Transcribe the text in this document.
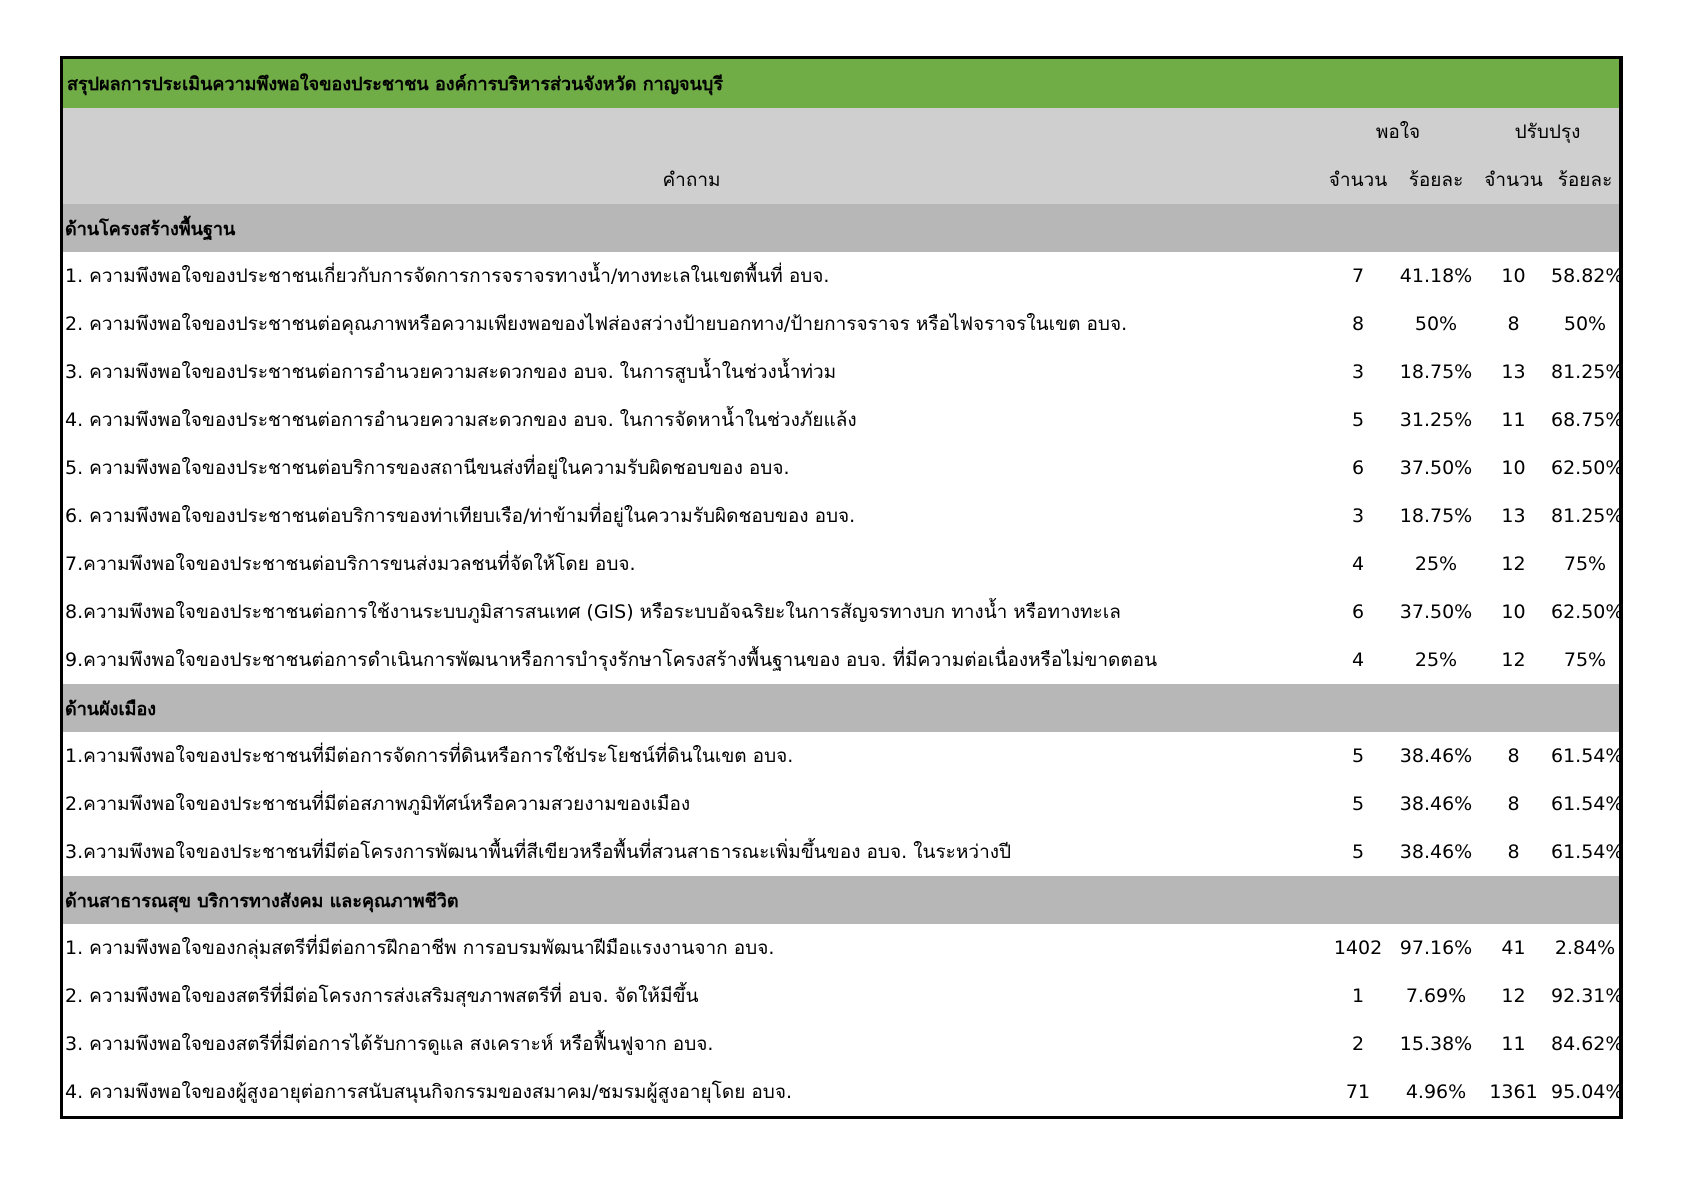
สรุปผลการประเมินความพึงพอใจของประชาชน องค์การบริหารส่วนจังหวัด กาญจนบุรี
พอใจ	ปรับปรุง
คำถาม	จำนวน	ร้อยละ	จำนวน ร้อยละ
ด้านโครงสร้างพื้นฐาน
1. ความพึงพอใจของประชาชนเกี่ยวกับการจัดการการจราจรทางน้ำ/ทางทะเลในเขตพื้นที่ อบจ.	7	41.18%	10	58.82%
2. ความพึงพอใจของประชาชนต่อคุณภาพหรือความเพียงพอของไฟส่องสว่างป้ายบอกทาง/ป้ายการจราจร หรือไฟจราจรในเขต อบจ.	8	50%	8	50%
3. ความพึงพอใจของประชาชนต่อการอำนวยความสะดวกของ อบจ. ในการสูบน้ำในช่วงน้ำท่วม	3	18.75%	13	81.25%
4. ความพึงพอใจของประชาชนต่อการอำนวยความสะดวกของ อบจ. ในการจัดหาน้ำในช่วงภัยแล้ง	5	31.25%	11	68.75%
5. ความพึงพอใจของประชาชนต่อบริการของสถานีขนส่งที่อยู่ในความรับผิดชอบของ อบจ.	6	37.50%	10	62.50%
6. ความพึงพอใจของประชาชนต่อบริการของท่าเทียบเรือ/ท่าข้ามที่อยู่ในความรับผิดชอบของ อบจ.	3	18.75%	13	81.25%
7.ความพึงพอใจของประชาชนต่อบริการขนส่งมวลชนที่จัดให้โดย อบจ.	4	25%	12	75%
8.ความพึงพอใจของประชาชนต่อการใช้งานระบบภูมิสารสนเทศ (GIS) หรือระบบอัจฉริยะในการสัญจรทางบก ทางน้ำ หรือทางทะเล	6	37.50%	10	62.50%
9.ความพึงพอใจของประชาชนต่อการดำเนินการพัฒนาหรือการบำรุงรักษาโครงสร้างพื้นฐานของ อบจ. ที่มีความต่อเนื่องหรือไม่ขาดตอน	4	25%	12	75%
ด้านผังเมือง
1.ความพึงพอใจของประชาชนที่มีต่อการจัดการที่ดินหรือการใช้ประโยชน์ที่ดินในเขต อบจ.	5	38.46%	8	61.54%
2.ความพึงพอใจของประชาชนที่มีต่อสภาพภูมิทัศน์หรือความสวยงามของเมือง	5	38.46%	8	61.54%
3.ความพึงพอใจของประชาชนที่มีต่อโครงการพัฒนาพื้นที่สีเขียวหรือพื้นที่สวนสาธารณะเพิ่มขึ้นของ อบจ. ในระหว่างปี	5	38.46%	8	61.54%
ด้านสาธารณสุข บริการทางสังคม และคุณภาพชีวิต
1. ความพึงพอใจของกลุ่มสตรีที่มีต่อการฝึกอาชีพ การอบรมพัฒนาฝีมือแรงงานจาก อบจ.	1402 97.16%	41	2.84%
2. ความพึงพอใจของสตรีที่มีต่อโครงการส่งเสริมสุขภาพสตรีที่ อบจ. จัดให้มีขึ้น	1	7.69%	12	92.31%
3. ความพึงพอใจของสตรีที่มีต่อการได้รับการดูแล สงเคราะห์ หรือฟื้นฟูจาก อบจ.	2	15.38%	11	84.62%
4. ความพึงพอใจของผู้สูงอายุต่อการสนับสนุนกิจกรรมของสมาคม/ชมรมผู้สูงอายุโดย อบจ.	71	4.96%	1361 95.04%
